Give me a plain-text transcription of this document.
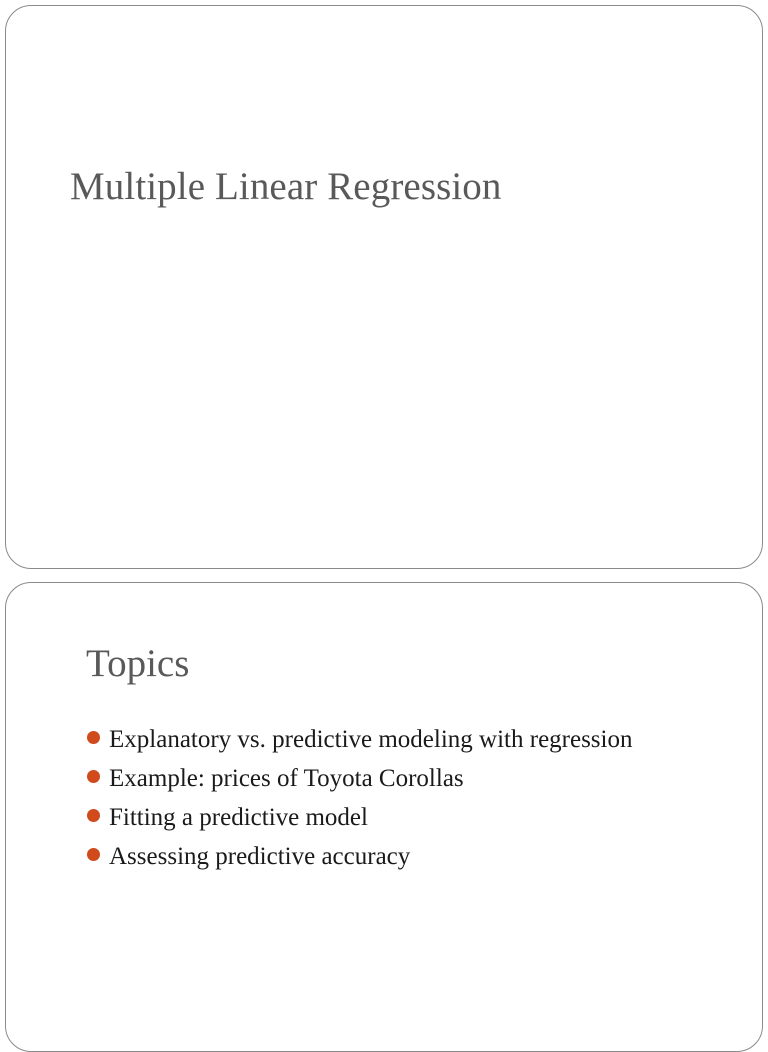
Multiple Linear Regression
Topics
Explanatory vs. predictive modeling with regression
Example: prices of Toyota Corollas
Fitting a predictive model
Assessing predictive accuracy
